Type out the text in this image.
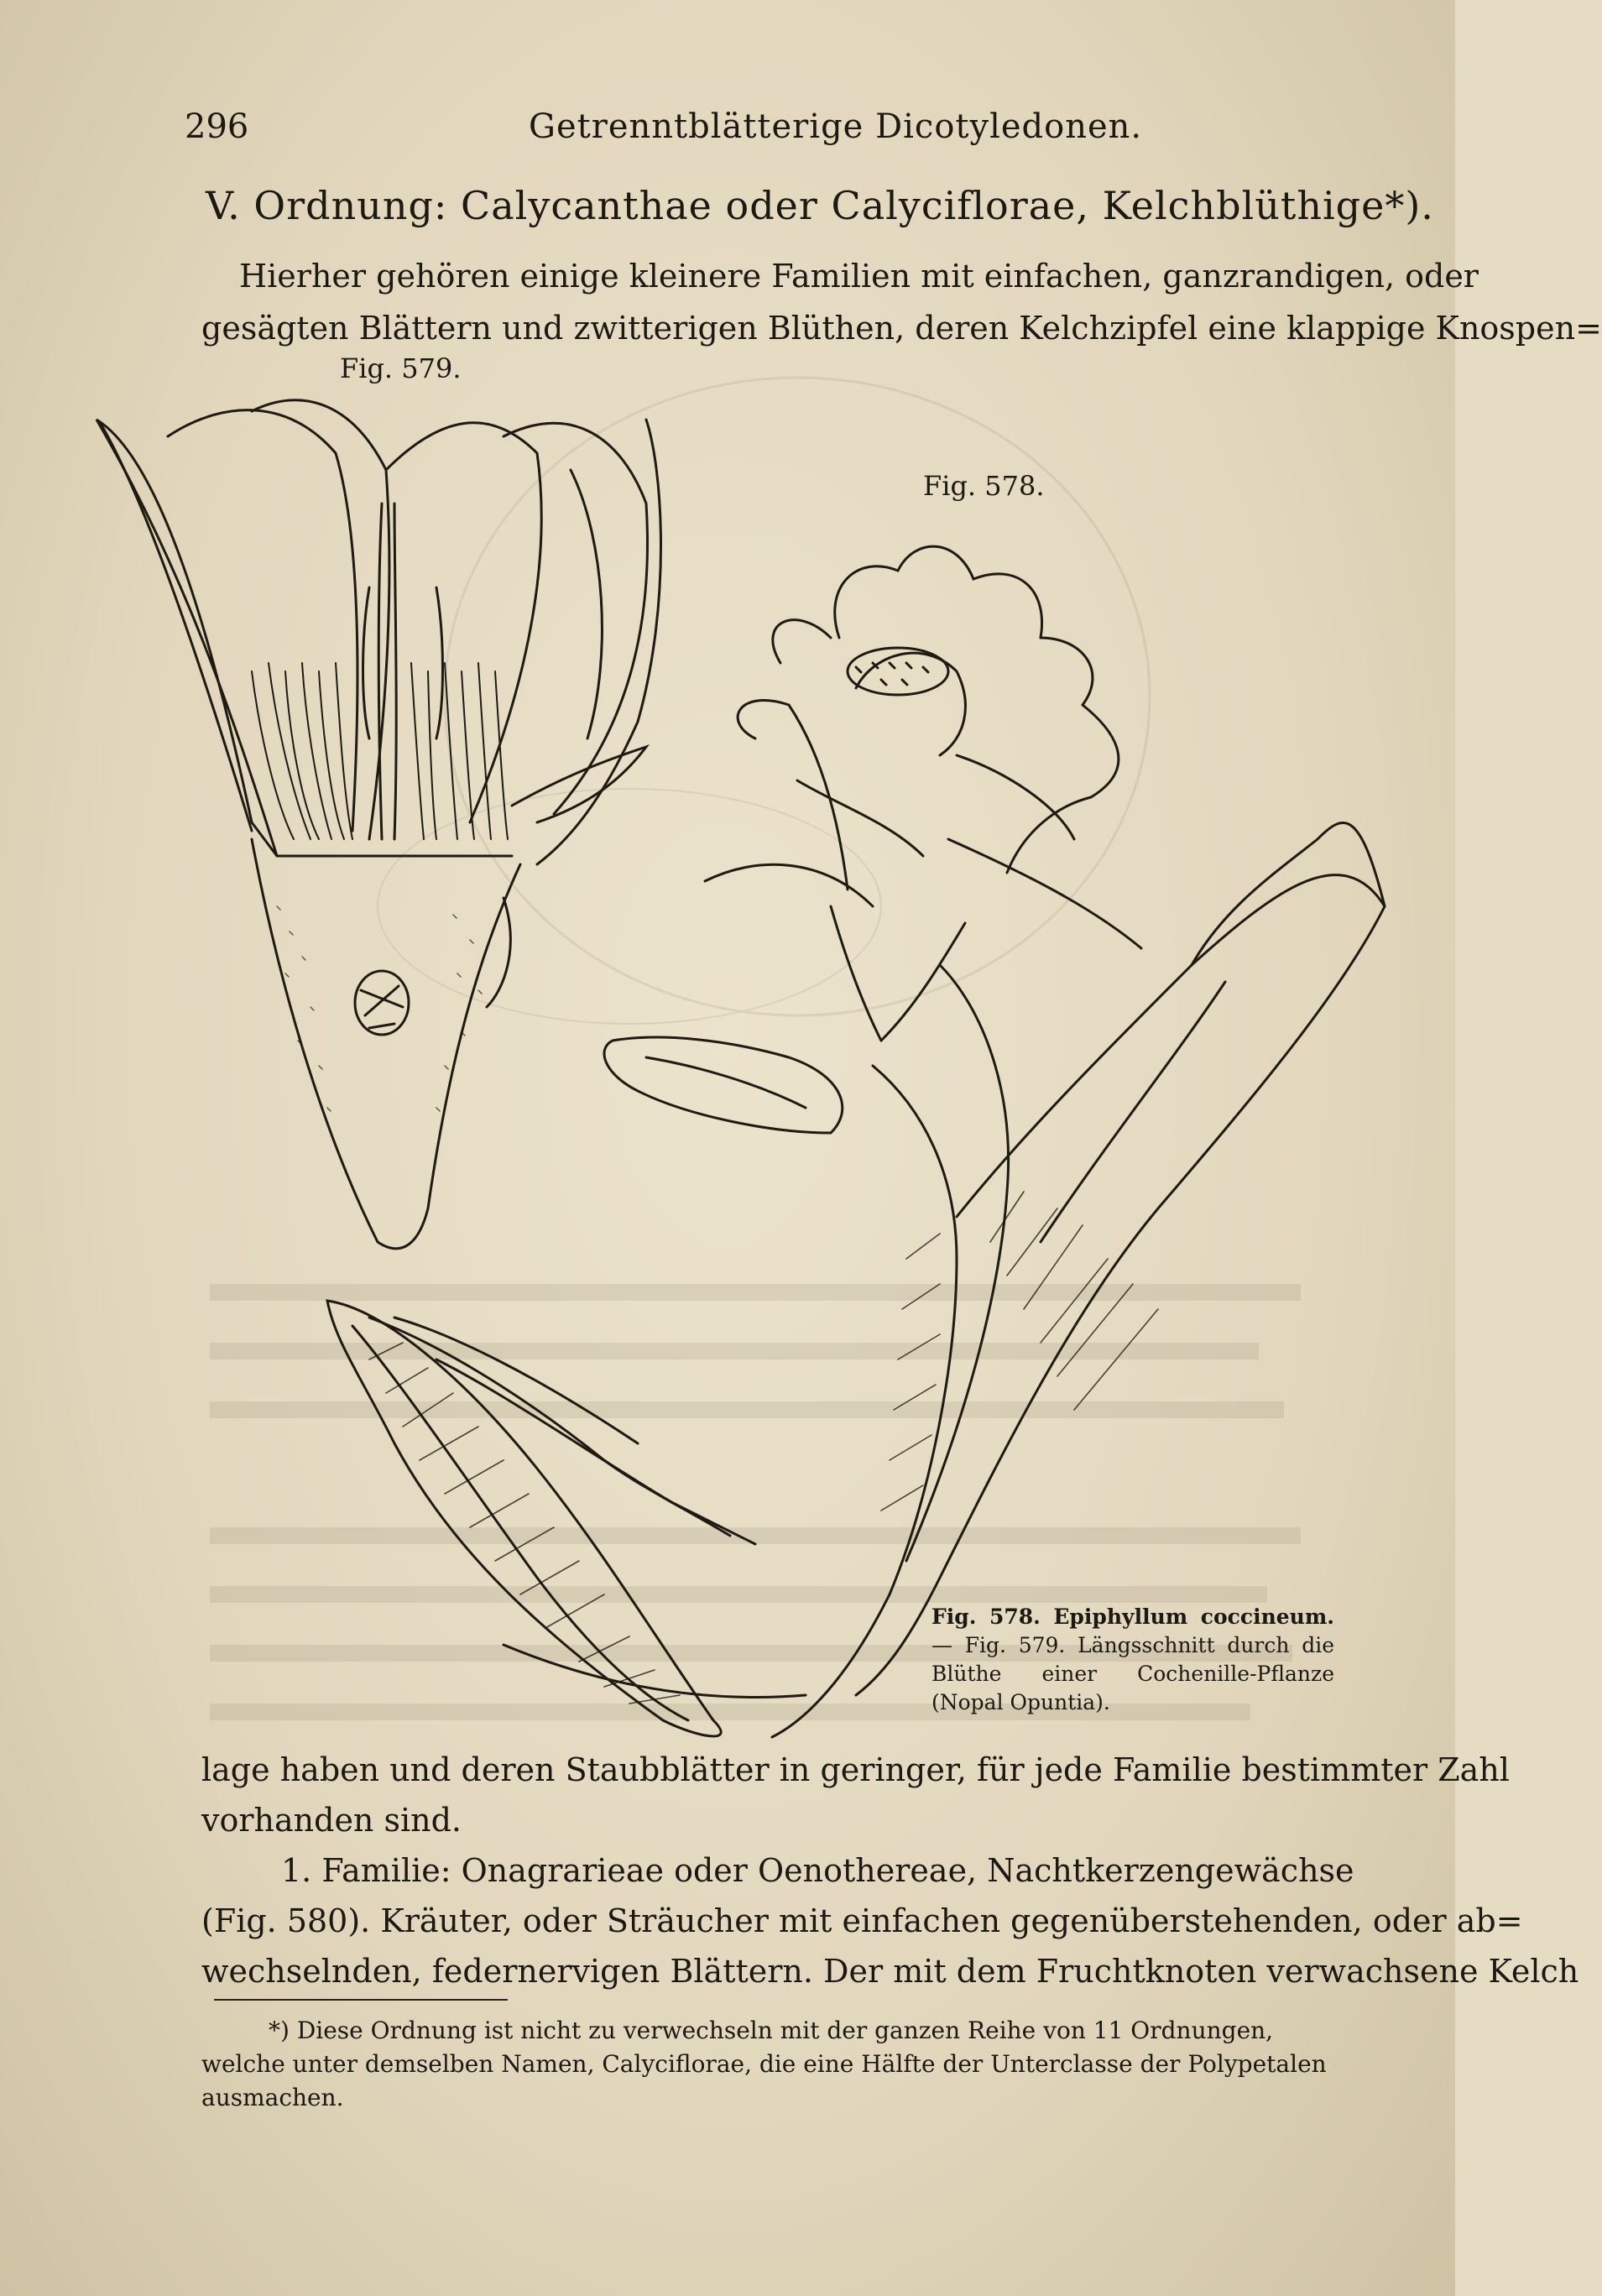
296	Getrenntblätterige Dicotyledonen.
V. Ordnung: Calycanthae oder Calyciflorae, Kelchblüthige*).
Hierher gehören einige kleinere Familien mit einfachen, ganzrandigen, oder
gesägten Blättern und zwitterigen Blüthen, deren Kelchzipfel eine klappige Knospen=
Fig. 579.
Fig. 578.
Fig. 578. Epiphyllum coccineum. — Fig. 579. Längsschnitt durch die Blüthe einer Cochenille-Pflanze (Nopal Opuntia).
lage haben und deren Staubblätter in geringer, für jede Familie bestimmter Zahl
vorhanden sind.
1. Familie: Onagrarieae oder Oenothereae, Nachtkerzengewächse
(Fig. 580). Kräuter, oder Sträucher mit einfachen gegenüberstehenden, oder ab=
wechselnden, federnervigen Blättern. Der mit dem Fruchtknoten verwachsene Kelch
*) Diese Ordnung ist nicht zu verwechseln mit der ganzen Reihe von 11 Ordnungen,
welche unter demselben Namen, Calyciflorae, die eine Hälfte der Unterclasse der Polypetalen
ausmachen.
